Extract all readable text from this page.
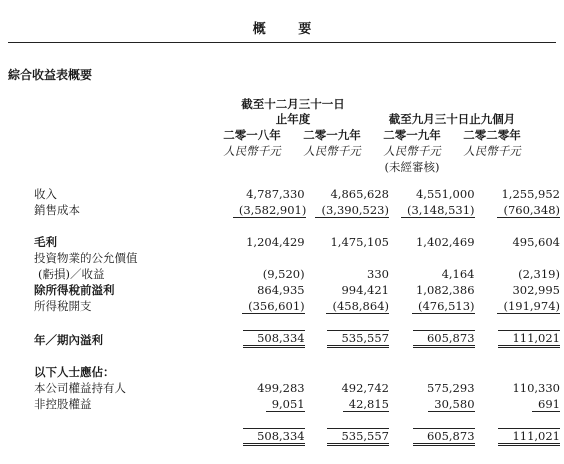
概 要
綜合收益表概要
截至十二月三十一日
止年度	截至九月三十日止九個月
二零一八年	二零一九年	二零一九年	二零二零年
人民幣千元	人民幣千元	人民幣千元	人民幣千元
(未經審核)
收入	4,787,330	4,865,628	4,551,000	1,255,952
銷售成本	(3,582,901)	(3,390,523)	(3,148,531)	(760,348)

毛利	1,204,429	1,475,105	1,402,469	495,604
投資物業的公允價值				
(虧損)／收益	(9,520)	330	4,164	(2,319)
除所得稅前溢利	864,935	994,421	1,082,386	302,995
所得稅開支	(356,601)	(458,864)	(476,513)	(191,974)

年／期內溢利	508,334	535,557	605,873	111,021

以下人士應佔：				
本公司權益持有人	499,283	492,742	575,293	110,330
非控股權益	9,051	42,815	30,580	691

	508,334	535,557	605,873	111,021
